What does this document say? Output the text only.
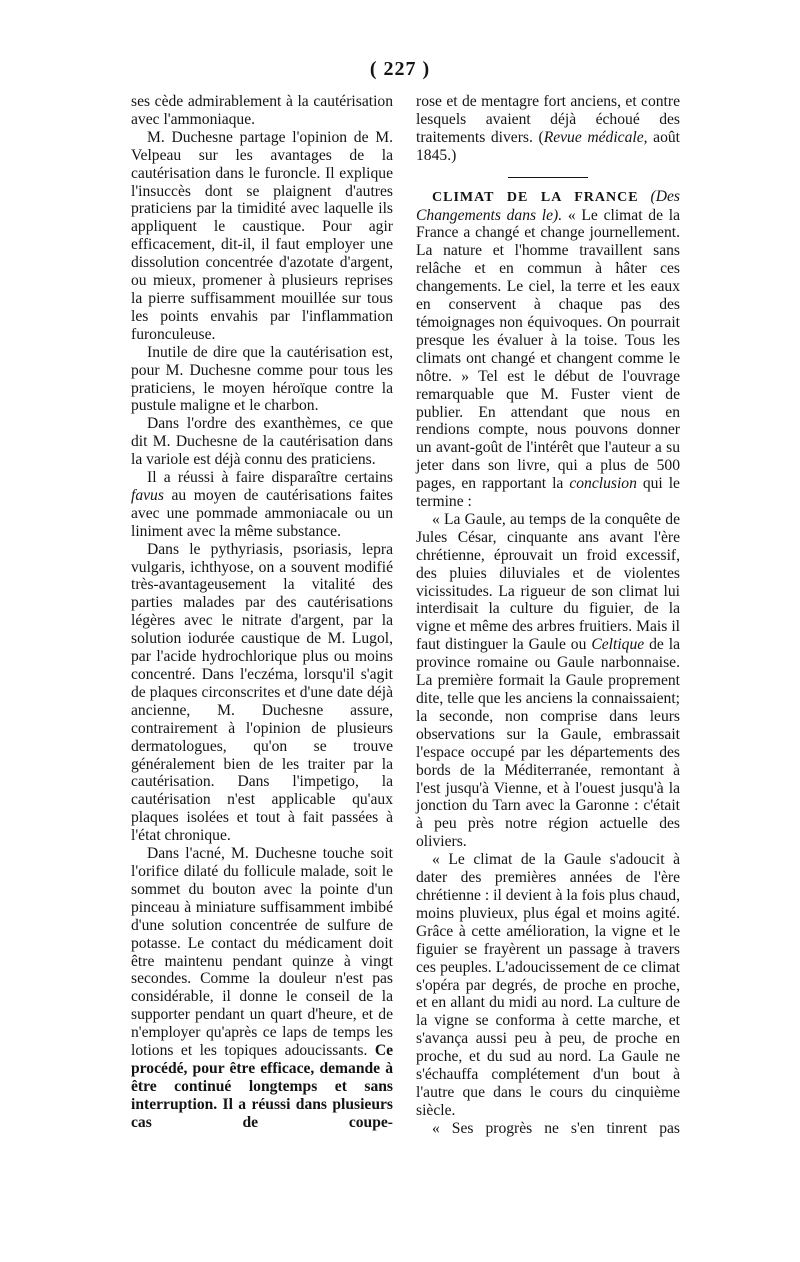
( 227 )

ses cède admirablement à la cautérisation avec l'ammoniaque.

M. Duchesne partage l'opinion de M. Velpeau sur les avantages de la cautérisation dans le furoncle. Il explique l'insuccès dont se plaignent d'autres praticiens par la timidité avec laquelle ils appliquent le caustique. Pour agir efficacement, dit-il, il faut employer une dissolution concentrée d'azotate d'argent, ou mieux, promener à plusieurs reprises la pierre suffisamment mouillée sur tous les points envahis par l'inflammation furonculeuse.

Inutile de dire que la cautérisation est, pour M. Duchesne comme pour tous les praticiens, le moyen héroïque contre la pustule maligne et le charbon.

Dans l'ordre des exanthèmes, ce que dit M. Duchesne de la cautérisation dans la variole est déjà connu des praticiens.

Il a réussi à faire disparaître certains favus au moyen de cautérisations faites avec une pommade ammoniacale ou un liniment avec la même substance.

Dans le pythyriasis, psoriasis, lepra vulgaris, ichthyose, on a souvent modifié très-avantageusement la vitalité des parties malades par des cautérisations légères avec le nitrate d'argent, par la solution iodurée caustique de M. Lugol, par l'acide hydrochlorique plus ou moins concentré. Dans l'eczéma, lorsqu'il s'agit de plaques circonscrites et d'une date déjà ancienne, M. Duchesne assure, contrairement à l'opinion de plusieurs dermatologues, qu'on se trouve généralement bien de les traiter par la cautérisation. Dans l'impetigo, la cautérisation n'est applicable qu'aux plaques isolées et tout à fait passées à l'état chronique.

Dans l'acné, M. Duchesne touche soit l'orifice dilaté du follicule malade, soit le sommet du bouton avec la pointe d'un pinceau à miniature suffisamment imbibé d'une solution concentrée de sulfure de potasse. Le contact du médicament doit être maintenu pendant quinze à vingt secondes. Comme la douleur n'est pas considérable, il donne le conseil de la supporter pendant un quart d'heure, et de n'employer qu'après ce laps de temps les lotions et les topiques adoucissants. Ce procédé, pour être efficace, demande à être continué longtemps et sans interruption. Il a réussi dans plusieurs cas de coupe-

rose et de mentagre fort anciens, et contre lesquels avaient déjà échoué des traitements divers. (Revue médicale, août 1845.)

CLIMAT DE LA FRANCE (Des Changements dans le). « Le climat de la France a changé et change journellement. La nature et l'homme travaillent sans relâche et en commun à hâter ces changements. Le ciel, la terre et les eaux en conservent à chaque pas des témoignages non équivoques. On pourrait presque les évaluer à la toise. Tous les climats ont changé et changent comme le nôtre. » Tel est le début de l'ouvrage remarquable que M. Fuster vient de publier. En attendant que nous en rendions compte, nous pouvons donner un avant-goût de l'intérêt que l'auteur a su jeter dans son livre, qui a plus de 500 pages, en rapportant la conclusion qui le termine :

« La Gaule, au temps de la conquête de Jules César, cinquante ans avant l'ère chrétienne, éprouvait un froid excessif, des pluies diluviales et de violentes vicissitudes. La rigueur de son climat lui interdisait la culture du figuier, de la vigne et même des arbres fruitiers. Mais il faut distinguer la Gaule ou Celtique de la province romaine ou Gaule narbonnaise. La première formait la Gaule proprement dite, telle que les anciens la connaissaient; la seconde, non comprise dans leurs observations sur la Gaule, embrassait l'espace occupé par les départements des bords de la Méditerranée, remontant à l'est jusqu'à Vienne, et à l'ouest jusqu'à la jonction du Tarn avec la Garonne : c'était à peu près notre région actuelle des oliviers.

« Le climat de la Gaule s'adoucit à dater des premières années de l'ère chrétienne : il devient à la fois plus chaud, moins pluvieux, plus égal et moins agité. Grâce à cette amélioration, la vigne et le figuier se frayèrent un passage à travers ces peuples. L'adoucissement de ce climat s'opéra par degrés, de proche en proche, et en allant du midi au nord. La culture de la vigne se conforma à cette marche, et s'avança aussi peu à peu, de proche en proche, et du sud au nord. La Gaule ne s'échauffa complétement d'un bout à l'autre que dans le cours du cinquième siècle.

« Ses progrès ne s'en tinrent pas
